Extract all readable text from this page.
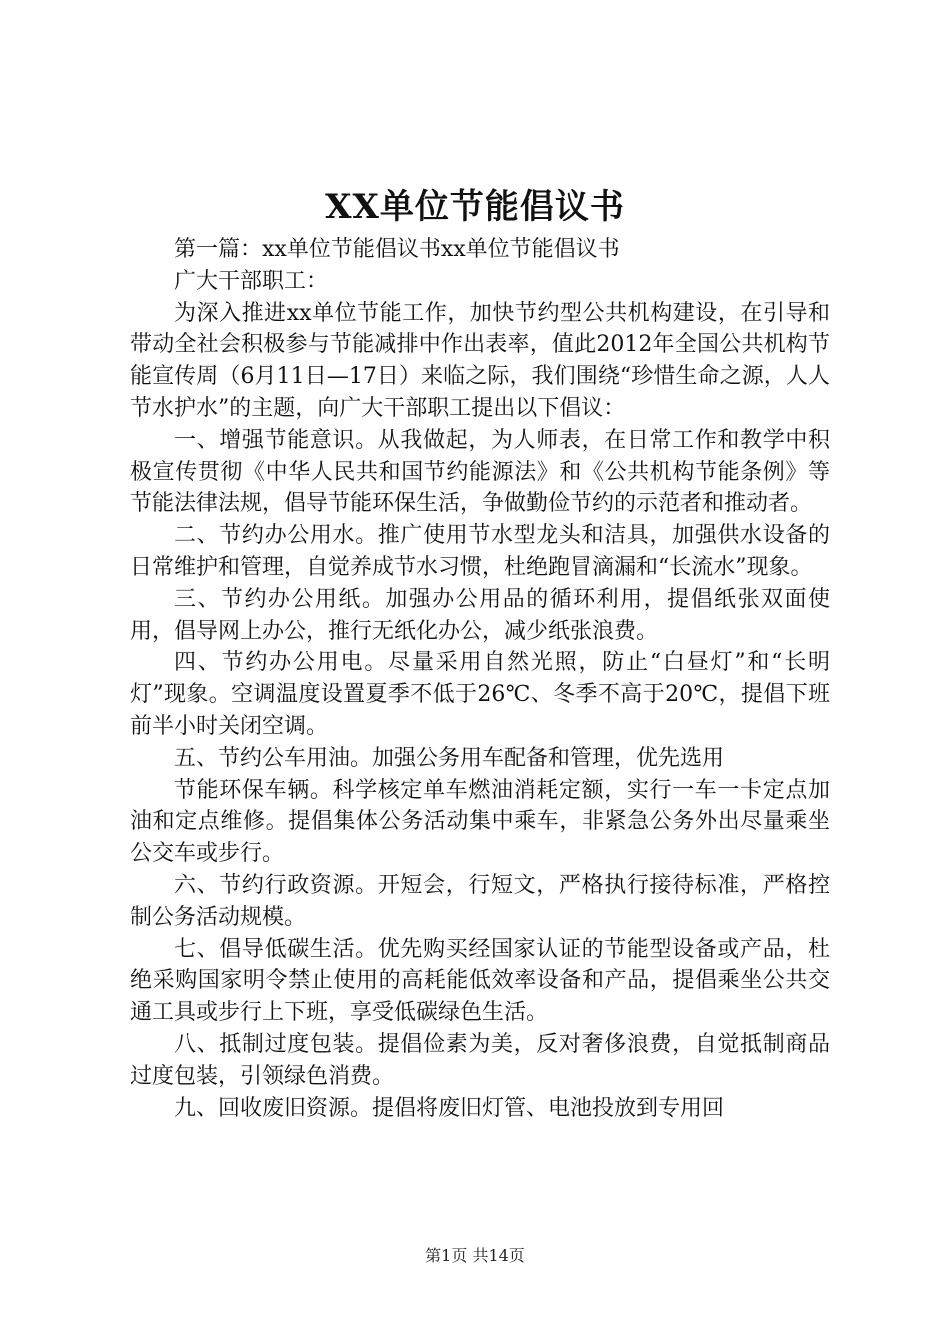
XX单位节能倡议书

第一篇：xx单位节能倡议书xx单位节能倡议书

广大干部职工：

为深入推进xx单位节能工作，加快节约型公共机构建设，在引导和带动全社会积极参与节能减排中作出表率，值此2012年全国公共机构节能宣传周（6月11日—17日）来临之际，我们围绕“珍惜生命之源，人人节水护水”的主题，向广大干部职工提出以下倡议：

一、增强节能意识。从我做起，为人师表，在日常工作和教学中积极宣传贯彻《中华人民共和国节约能源法》和《公共机构节能条例》等节能法律法规，倡导节能环保生活，争做勤俭节约的示范者和推动者。

二、节约办公用水。推广使用节水型龙头和洁具，加强供水设备的日常维护和管理，自觉养成节水习惯，杜绝跑冒滴漏和“长流水”现象。

三、节约办公用纸。加强办公用品的循环利用，提倡纸张双面使用，倡导网上办公，推行无纸化办公，减少纸张浪费。

四、节约办公用电。尽量采用自然光照，防止“白昼灯”和“长明灯”现象。空调温度设置夏季不低于26℃、冬季不高于20℃，提倡下班前半小时关闭空调。

五、节约公车用油。加强公务用车配备和管理，优先选用

节能环保车辆。科学核定单车燃油消耗定额，实行一车一卡定点加油和定点维修。提倡集体公务活动集中乘车，非紧急公务外出尽量乘坐公交车或步行。

六、节约行政资源。开短会，行短文，严格执行接待标准，严格控制公务活动规模。

七、倡导低碳生活。优先购买经国家认证的节能型设备或产品，杜绝采购国家明令禁止使用的高耗能低效率设备和产品，提倡乘坐公共交通工具或步行上下班，享受低碳绿色生活。

八、抵制过度包装。提倡俭素为美，反对奢侈浪费，自觉抵制商品过度包装，引领绿色消费。

九、回收废旧资源。提倡将废旧灯管、电池投放到专用回

第1页 共14页
